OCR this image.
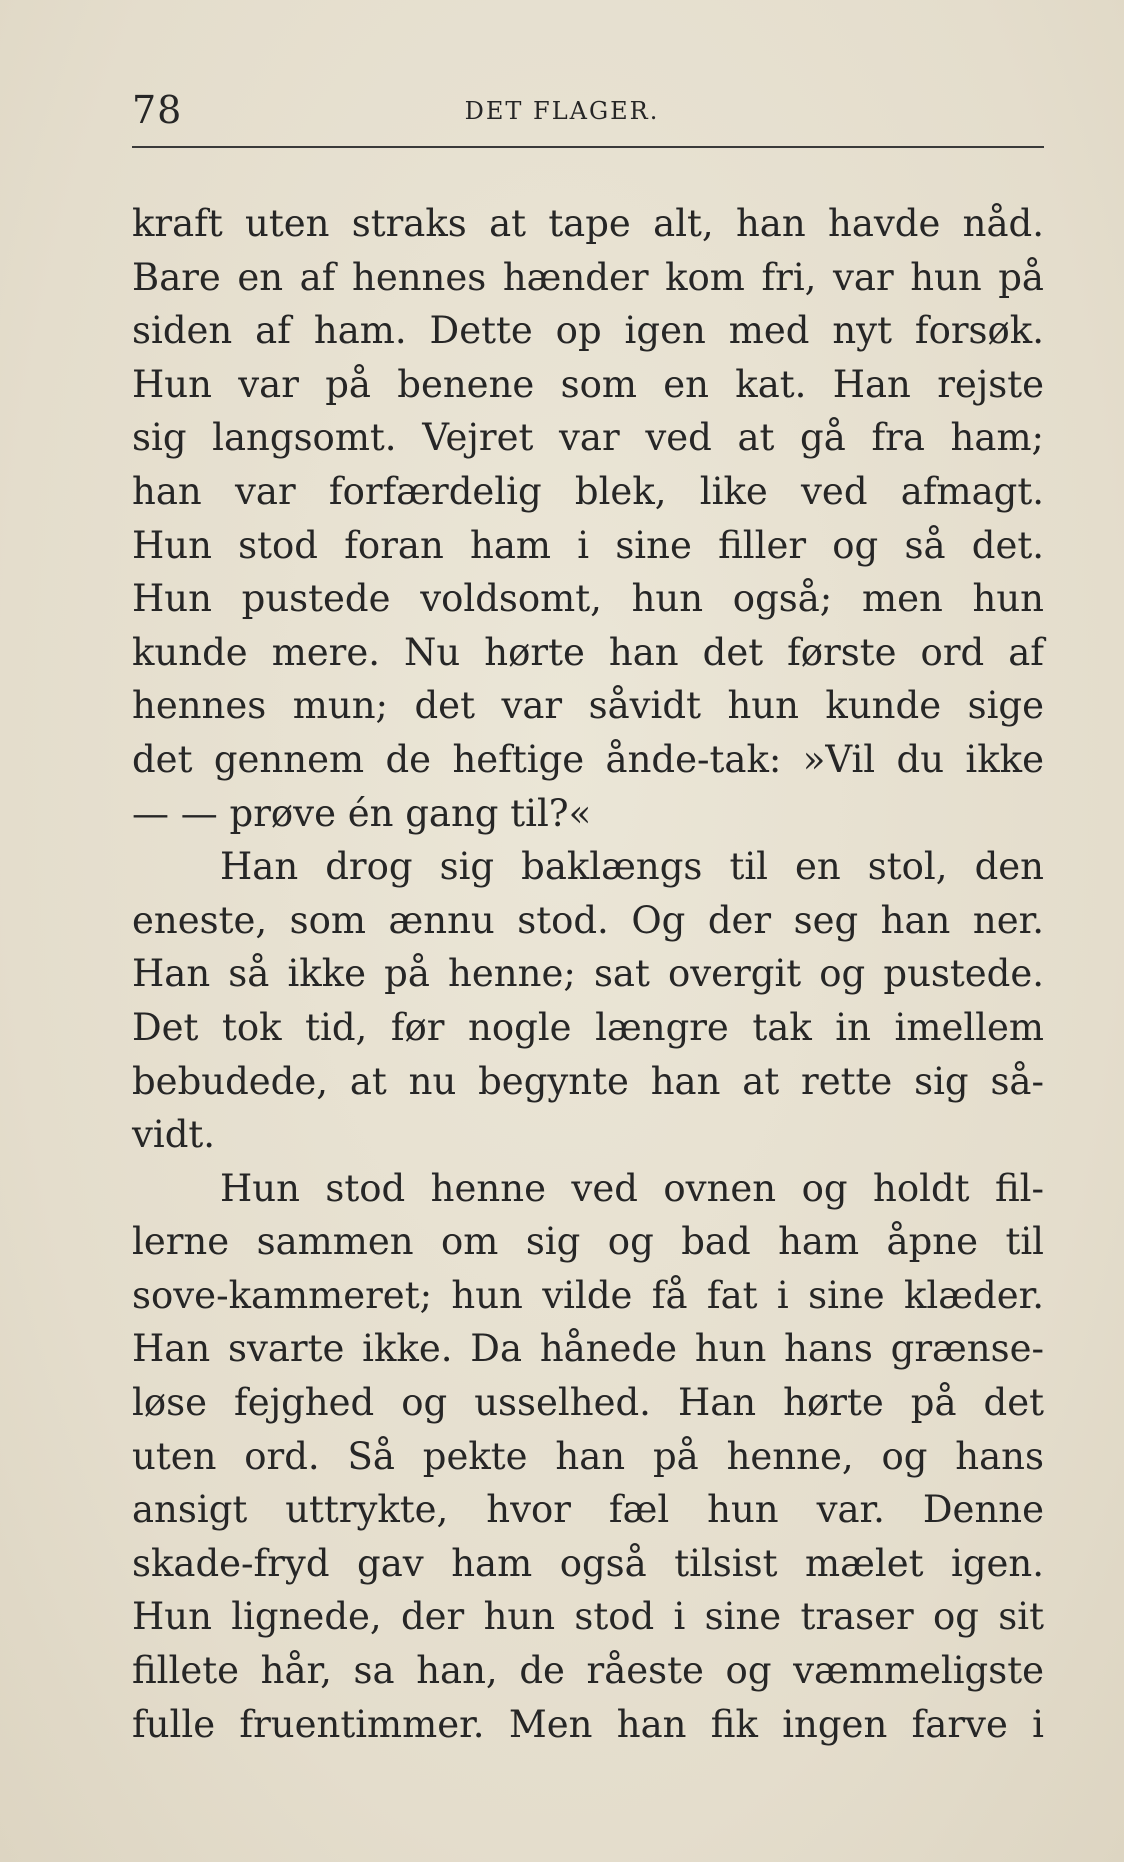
78	DET FLAGER.
kraft uten straks at tape alt, han havde nåd.
Bare en af hennes hænder kom fri, var hun på
siden af ham. Dette op igen med nyt forsøk.
Hun var på benene som en kat. Han rejste
sig langsomt. Vejret var ved at gå fra ham;
han var forfærdelig blek, like ved afmagt.
Hun stod foran ham i sine filler og så det.
Hun pustede voldsomt, hun også; men hun
kunde mere. Nu hørte han det første ord af
hennes mun; det var såvidt hun kunde sige
det gennem de heftige ånde-tak: »Vil du ikke
— — prøve én gang til?«
Han drog sig baklængs til en stol, den
eneste, som ænnu stod. Og der seg han ner.
Han så ikke på henne; sat overgit og pustede.
Det tok tid, før nogle længre tak in imellem
bebudede, at nu begynte han at rette sig så-
vidt.
Hun stod henne ved ovnen og holdt fil-
lerne sammen om sig og bad ham åpne til
sove-kammeret; hun vilde få fat i sine klæder.
Han svarte ikke. Da hånede hun hans grænse-
løse fejghed og usselhed. Han hørte på det
uten ord. Så pekte han på henne, og hans
ansigt uttrykte, hvor fæl hun var. Denne
skade-fryd gav ham også tilsist mælet igen.
Hun lignede, der hun stod i sine traser og sit
fillete hår, sa han, de råeste og væmmeligste
fulle fruentimmer. Men han fik ingen farve i
